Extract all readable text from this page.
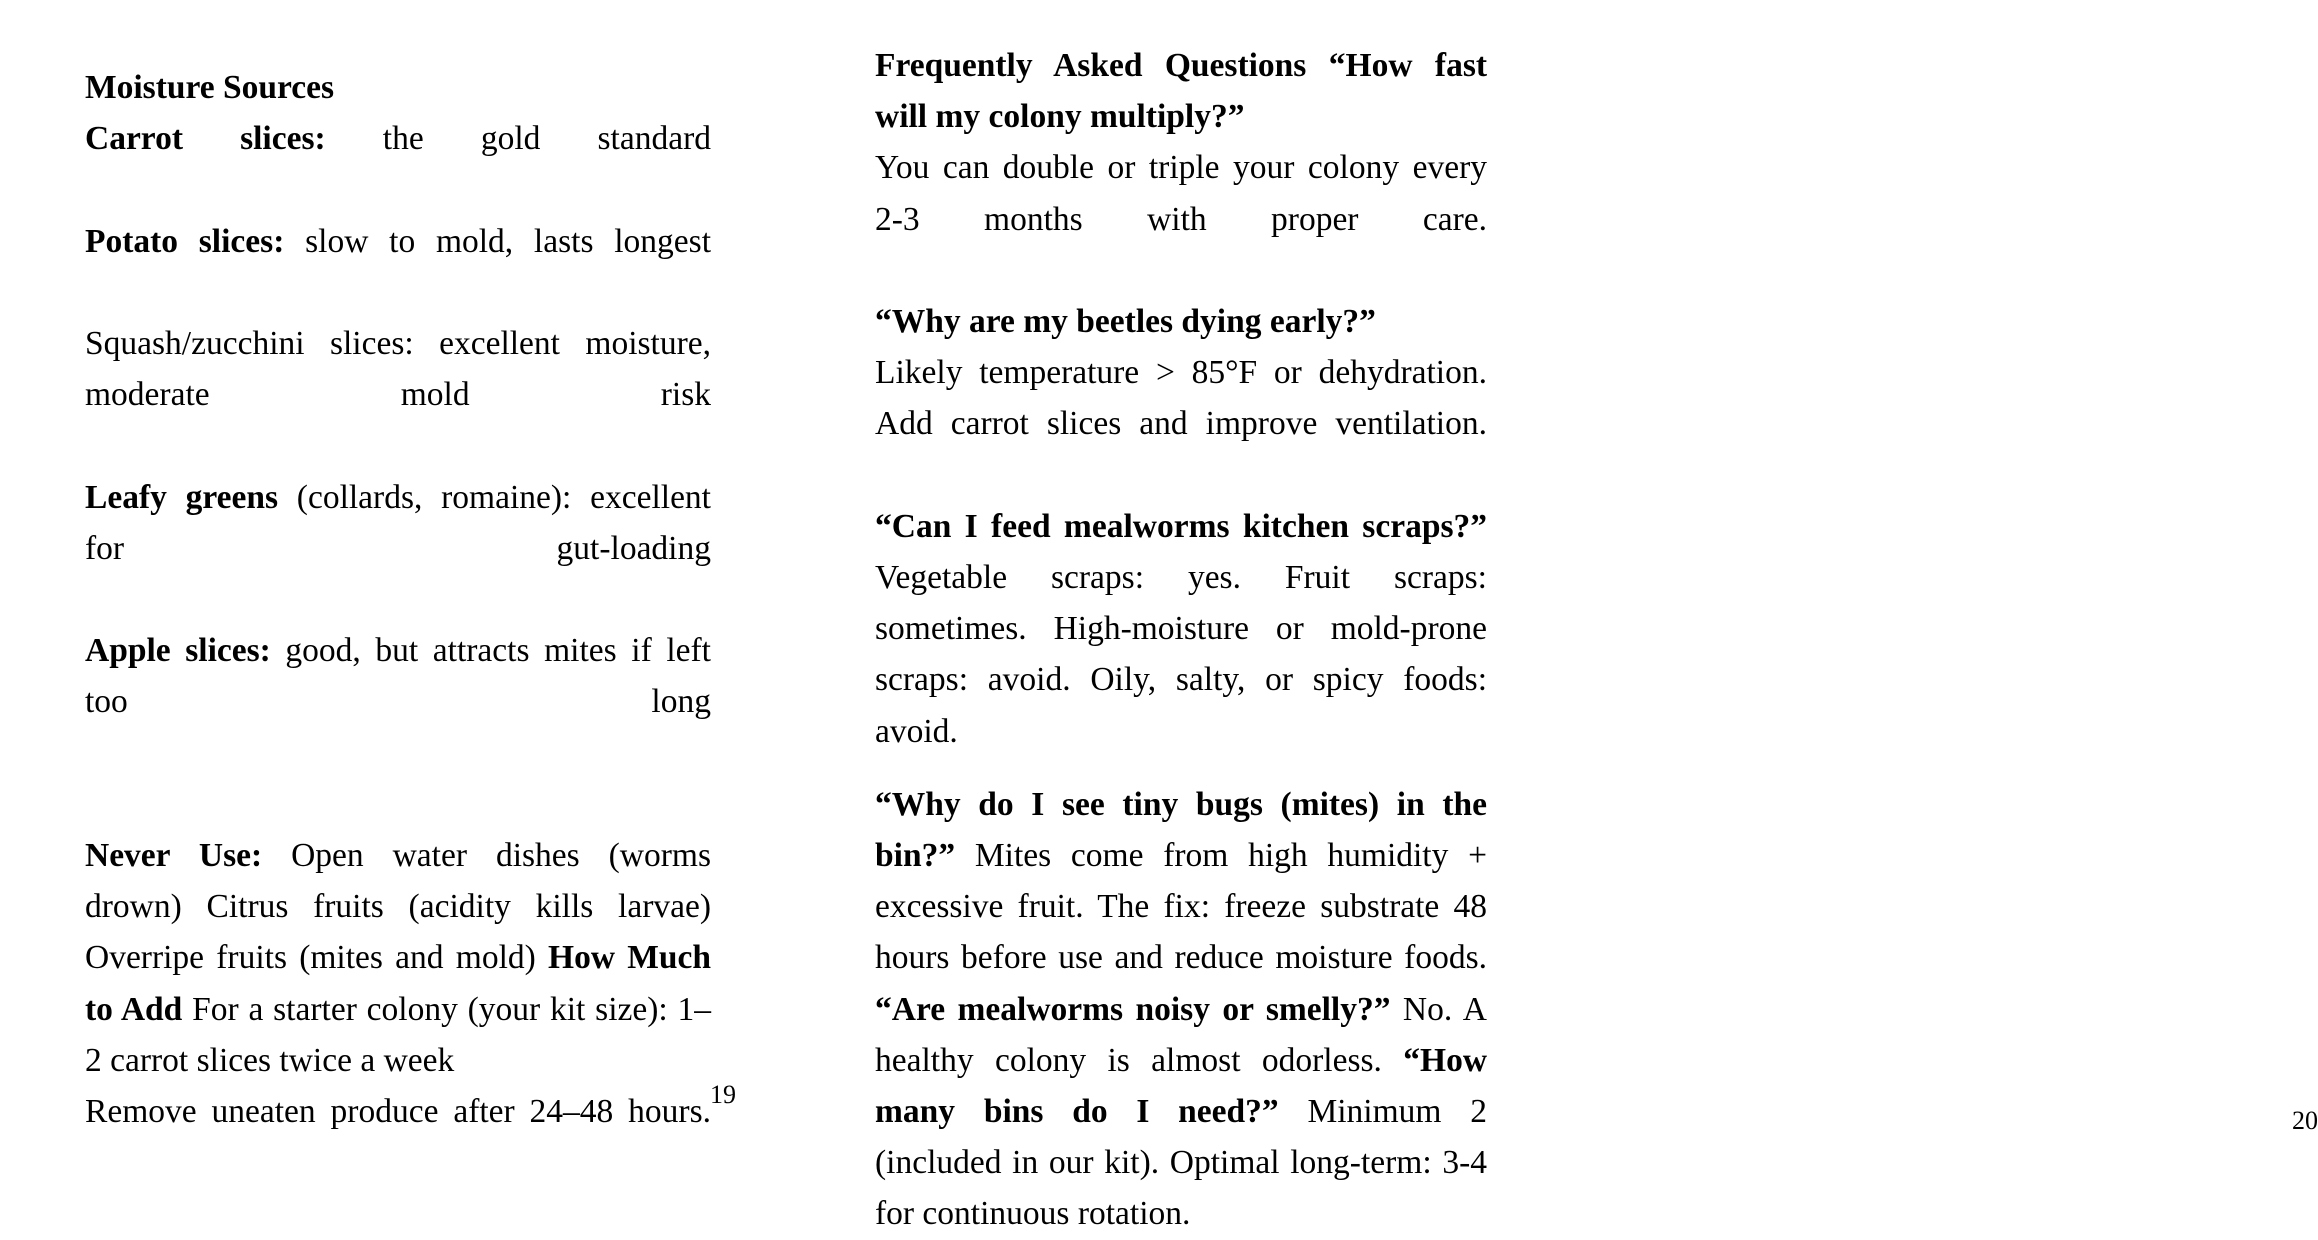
Moisture Sources

Carrot slices: the gold standard

Potato slices: slow to mold, lasts longest

Squash/zucchini slices: excellent moisture, moderate mold risk

Leafy greens (collards, romaine): excellent for gut-loading

Apple slices: good, but attracts mites if left too long

Never Use:

Open water dishes (worms drown)

Citrus fruits (acidity kills larvae)

Overripe fruits (mites and mold)

How Much to Add

For a starter colony (your kit size):

1–2 carrot slices twice a week

Remove uneaten produce after 24–48 hours. 19

Frequently Asked Questions

“How fast will my colony multiply?”

You can double or triple your colony every 2-3 months with proper care.

“Why are my beetles dying early?”

Likely temperature > 85°F or dehydration. Add carrot slices and improve ventilation.

“Can I feed mealworms kitchen scraps?”

Vegetable scraps: yes. Fruit scraps: sometimes. High-moisture or mold-prone scraps: avoid. Oily, salty, or spicy foods: avoid.

“Why do I see tiny bugs (mites) in the bin?”

Mites come from high humidity + excessive fruit. The fix: freeze substrate 48 hours before use and reduce moisture foods.

“Are mealworms noisy or smelly?”

No. A healthy colony is almost odorless.

“How many bins do I need?”

Minimum 2 (included in our kit). Optimal long-term: 3-4 for continuous rotation.

20
